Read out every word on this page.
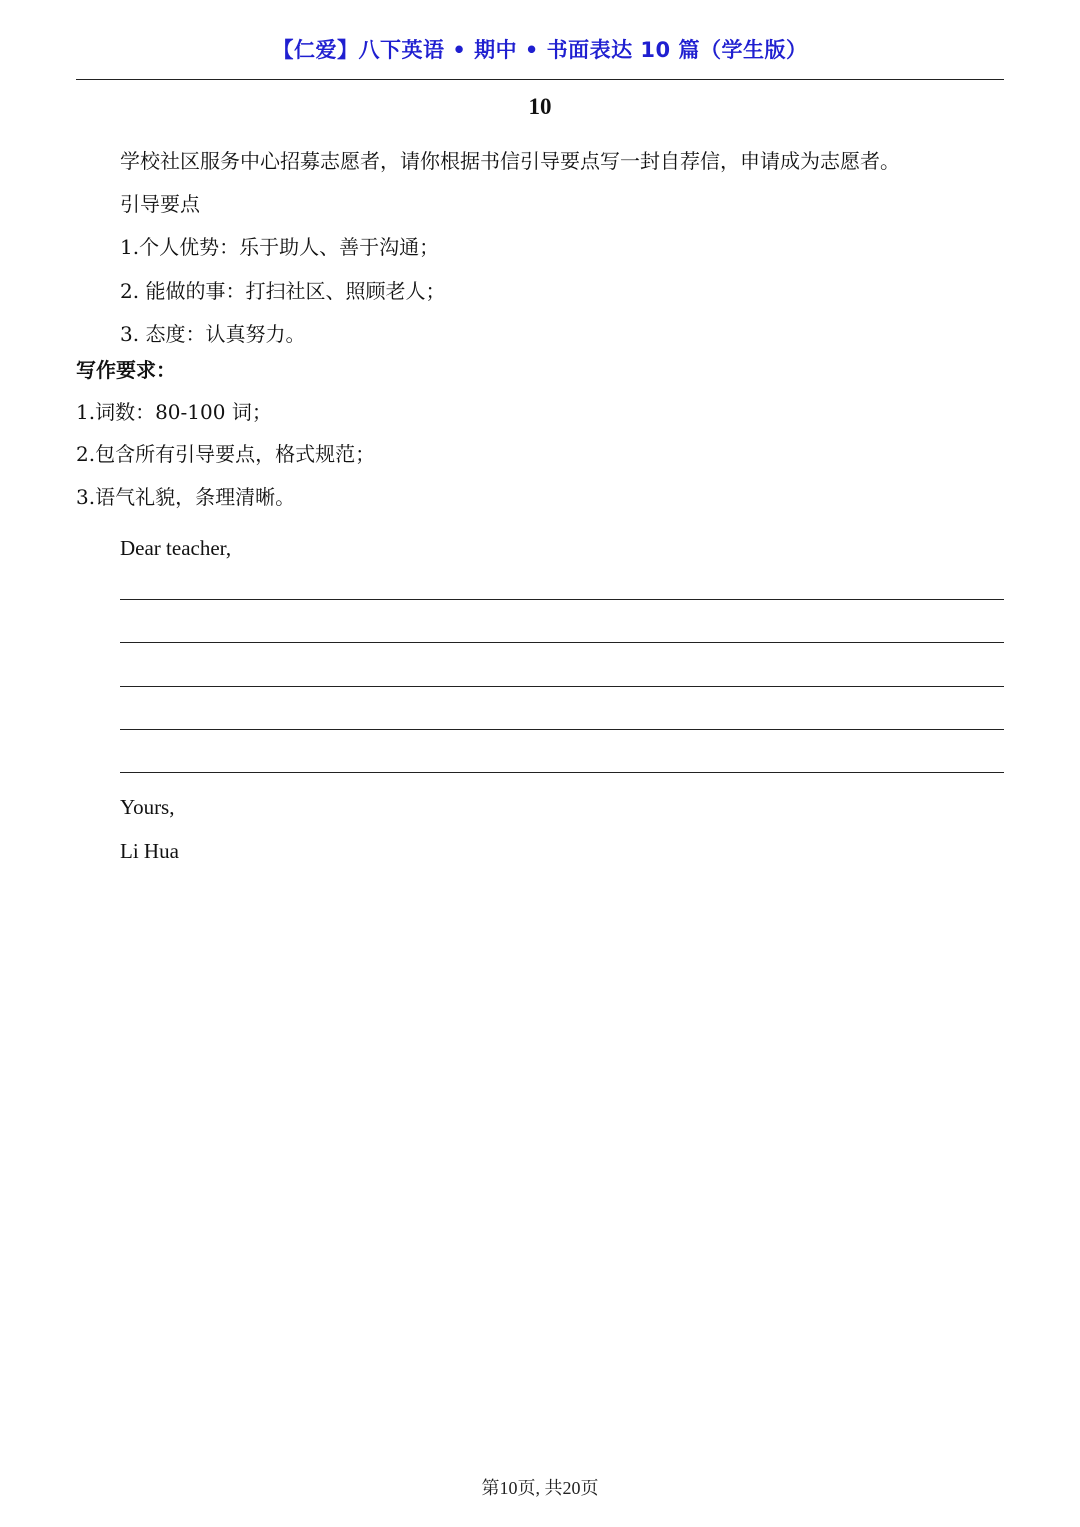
【仁爱】八下英语 • 期中 • 书面表达 10 篇（学生版）
10
学校社区服务中心招募志愿者，请你根据书信引导要点写一封自荐信，申请成为志愿者。
引导要点
1.个人优势：乐于助人、善于沟通；
2. 能做的事：打扫社区、照顾老人；
3. 态度：认真努力。
写作要求：
1.词数：80-100 词；
2.包含所有引导要点，格式规范；
3.语气礼貌，条理清晰。
Dear teacher,
Yours,
Li Hua
第10页, 共20页
